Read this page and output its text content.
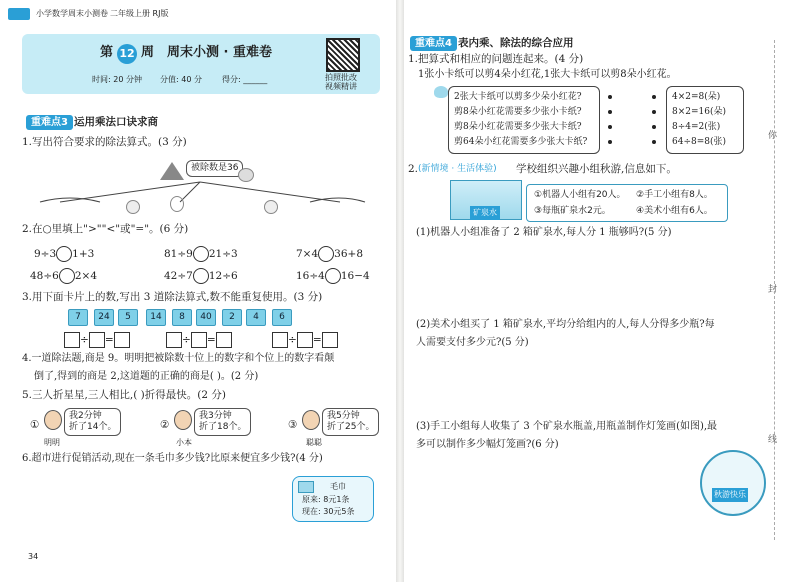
小学数学周末小测卷 二年级上册 RJ版
第 12 周 周末小测 · 重难卷
时间: 20 分钟 分值: 40 分	得分: ______	拍照批改
视频精讲
重难点3 运用乘法口诀求商
1.写出符合要求的除法算式。(3 分)
被除数是36
2.在○里填上">""<"或"="。(6 分)
9÷3 1+3	81÷9 21÷3	7×4 36+8
48÷6 2×4	42÷7 12÷6	16÷4 16−4
3.用下面卡片上的数,写出 3 道除法算式,数不能重复使用。(3 分)
7	24	5	14	8	40	2	4	6
÷ =	÷ =	÷ =
4.一道除法题,商是 9。明明把被除数十位上的数字和个位上的数字看颠
倒了,得到的商是 2,这道题的正确的商是( )。(2 分)
5.三人折星星,三人相比,( )折得最快。(2 分)
①
我2分钟
折了14个。
明明
②
我3分钟
折了18个。
小本
③
我5分钟
折了25个。
聪聪
6.超市进行促销活动,现在一条毛巾多少钱?比原来便宜多少钱?(4 分)
毛巾
原来: 8元1条
现在: 30元5条
34
重难点4 表内乘、除法的综合应用
1.把算式和相应的问题连起来。(4 分)
1张小卡纸可以剪4朵小红花,1张大卡纸可以剪8朵小红花。
2张大卡纸可以剪多少朵小红花?
剪8朵小红花需要多少张小卡纸?
剪8朵小红花需要多少张大卡纸?
剪64朵小红花需要多少张大卡纸?
4×2=8(朵)
8×2=16(朵)
8÷4=2(张)
64÷8=8(张)
2. (新情境 · 生活体验) 学校组织兴趣小组秋游,信息如下。
矿泉水
①机器人小组有20人。 ②手工小组有8人。
③每瓶矿泉水2元。	④美术小组有6人。
(1)机器人小组准备了 2 箱矿泉水,每人分 1 瓶够吗?(5 分)
(2)美术小组买了 1 箱矿泉水,平均分给组内的人,每人分得多少瓶?每
人需要支付多少元?(5 分)
(3)手工小组每人收集了 3 个矿泉水瓶盖,用瓶盖制作灯笼画(如图),最
多可以制作多少幅灯笼画?(6 分)
秋游快乐
你
封
线
